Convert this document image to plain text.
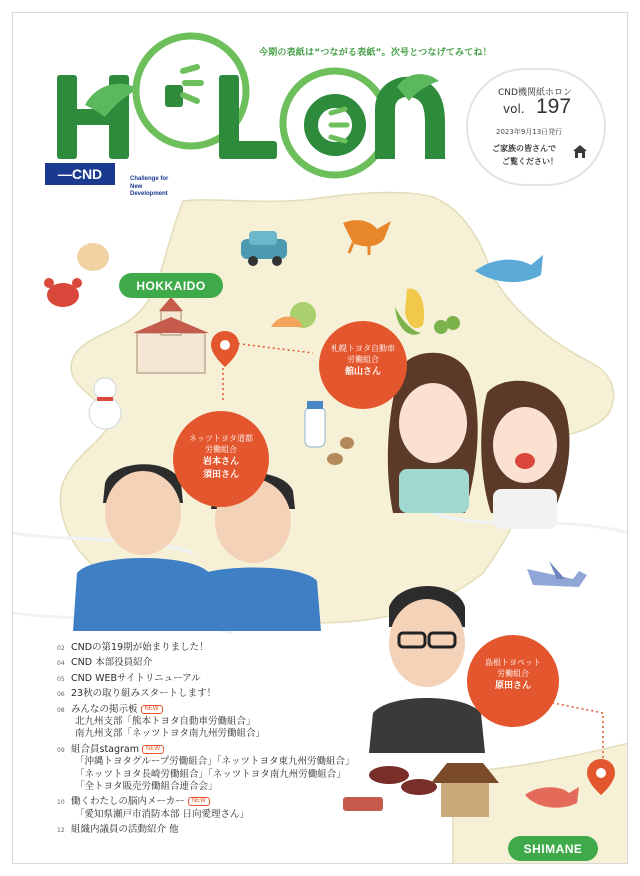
—CND
今期の表紙は“つながる表紙”。次号とつなげてみてね！
CND機関紙ホロン
vol. 197
2023年9月13日発行
ご家族の皆さんで
ご覧ください！
Challenge for
New
Development
HOKKAIDO
SHIMANE
札幌トヨタ自動車
労働組合
舘山さん
ネッツトヨタ道都
労働組合
岩本さん
須田さん
島根トヨペット
労働組合
原田さん
02 CNDの第19期が始まりました！
04 CND 本部役員紹介
05 CND WEBサイトリニューアル
06 23秋の取り組みスタートします！
08 みんなの掲示板 NEW
北九州支部「熊本トヨタ自動車労働組合」
南九州支部「ネッツトヨタ南九州労働組合」
09 組合員stagram NEW
「沖縄トヨタグループ労働組合」「ネッツトヨタ東九州労働組合」
「ネッツトヨタ長崎労働組合」「ネッツトヨタ南九州労働組合」
「全トヨタ販売労働組合連合会」
10 働くわたしの脳内メーカー NEW
「愛知県瀬戸市消防本部 日向愛理さん」
12 組織内議員の活動紹介 他
